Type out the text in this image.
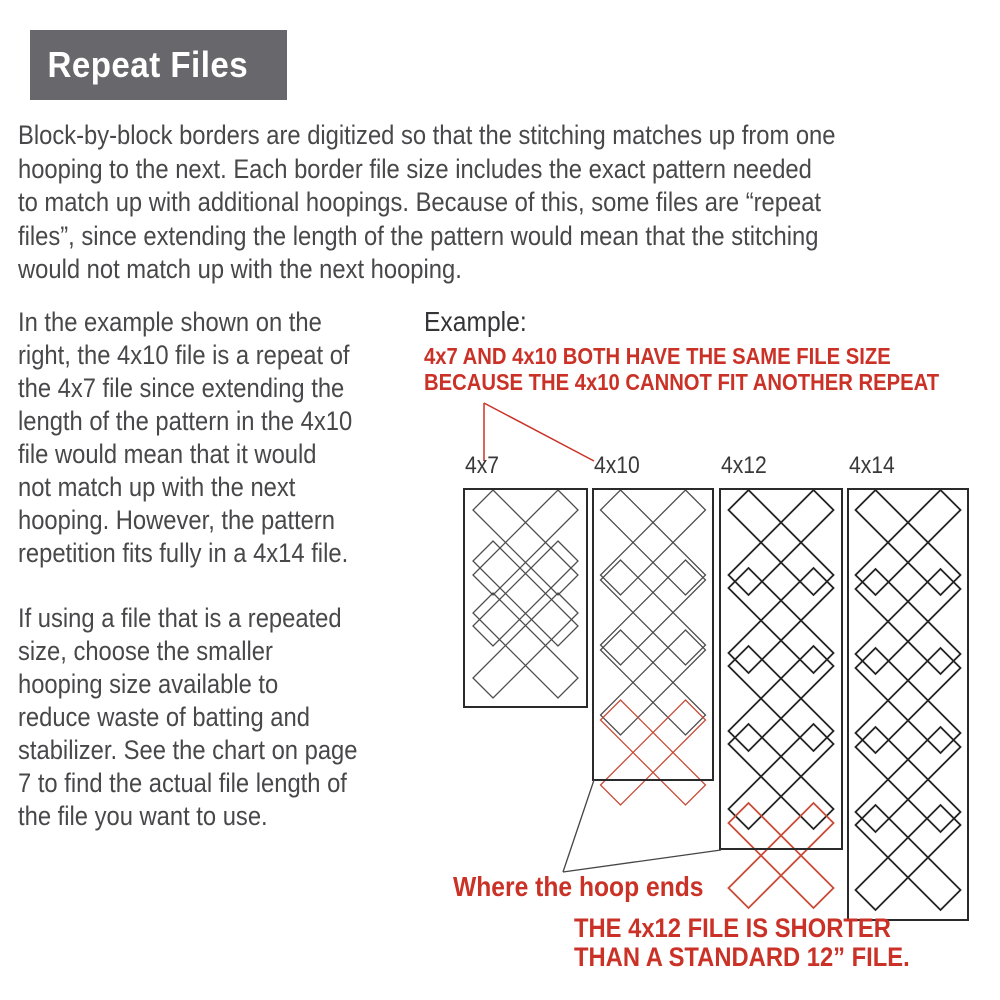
Repeat Files
Block-by-block borders are digitized so that the stitching matches up from one
hooping to the next. Each border file size includes the exact pattern needed
to match up with additional hoopings. Because of this, some files are “repeat
files”, since extending the length of the pattern would mean that the stitching
would not match up with the next hooping.
In the example shown on the
right, the 4x10 file is a repeat of
the 4x7 file since extending the
length of the pattern in the 4x10
file would mean that it would
not match up with the next
hooping. However, the pattern
repetition fits fully in a 4x14 file.
If using a file that is a repeated
size, choose the smaller
hooping size available to
reduce waste of batting and
stabilizer. See the chart on page
7 to find the actual file length of
the file you want to use.
Example:
4x7 AND 4x10 BOTH HAVE THE SAME FILE SIZE
BECAUSE THE 4x10 CANNOT FIT ANOTHER REPEAT
4x7	4x10	4x12	4x14
Where the hoop ends
THE 4x12 FILE IS SHORTER
THAN A STANDARD 12” FILE.
